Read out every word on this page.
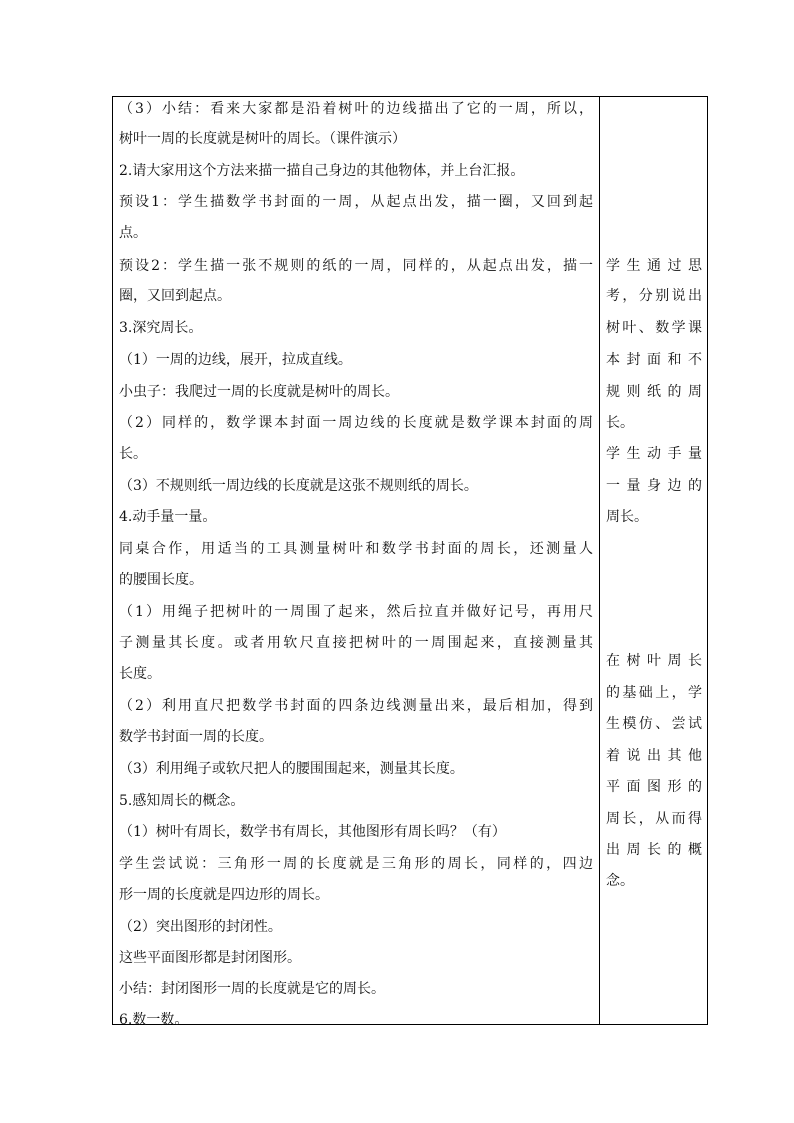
（3）小结：看来大家都是沿着树叶的边线描出了它的一周，所以，
树叶一周的长度就是树叶的周长。（课件演示）
2.请大家用这个方法来描一描自己身边的其他物体，并上台汇报。
预设1：学生描数学书封面的一周，从起点出发，描一圈，又回到起
点。
预设2：学生描一张不规则的纸的一周，同样的，从起点出发，描一
圈，又回到起点。
3.深究周长。
（1）一周的边线，展开，拉成直线。
小虫子：我爬过一周的长度就是树叶的周长。
（2）同样的，数学课本封面一周边线的长度就是数学课本封面的周
长。
（3）不规则纸一周边线的长度就是这张不规则纸的周长。
4.动手量一量。
同桌合作，用适当的工具测量树叶和数学书封面的周长，还测量人
的腰围长度。
（1）用绳子把树叶的一周围了起来，然后拉直并做好记号，再用尺
子测量其长度。或者用软尺直接把树叶的一周围起来，直接测量其
长度。
（2）利用直尺把数学书封面的四条边线测量出来，最后相加，得到
数学书封面一周的长度。
（3）利用绳子或软尺把人的腰围围起来，测量其长度。
5.感知周长的概念。
（1）树叶有周长，数学书有周长，其他图形有周长吗？（有）
学生尝试说：三角形一周的长度就是三角形的周长，同样的，四边
形一周的长度就是四边形的周长。
（2）突出图形的封闭性。
这些平面图形都是封闭图形。
小结：封闭图形一周的长度就是它的周长。
6.数一数。
学生通过思
考，分别说出
树叶、数学课
本封面和不
规则纸的周
长。
学生动手量
一量身边的
周长。
在树叶周长
的基础上，学
生模仿、尝试
着说出其他
平面图形的
周长，从而得
出周长的概
念。
